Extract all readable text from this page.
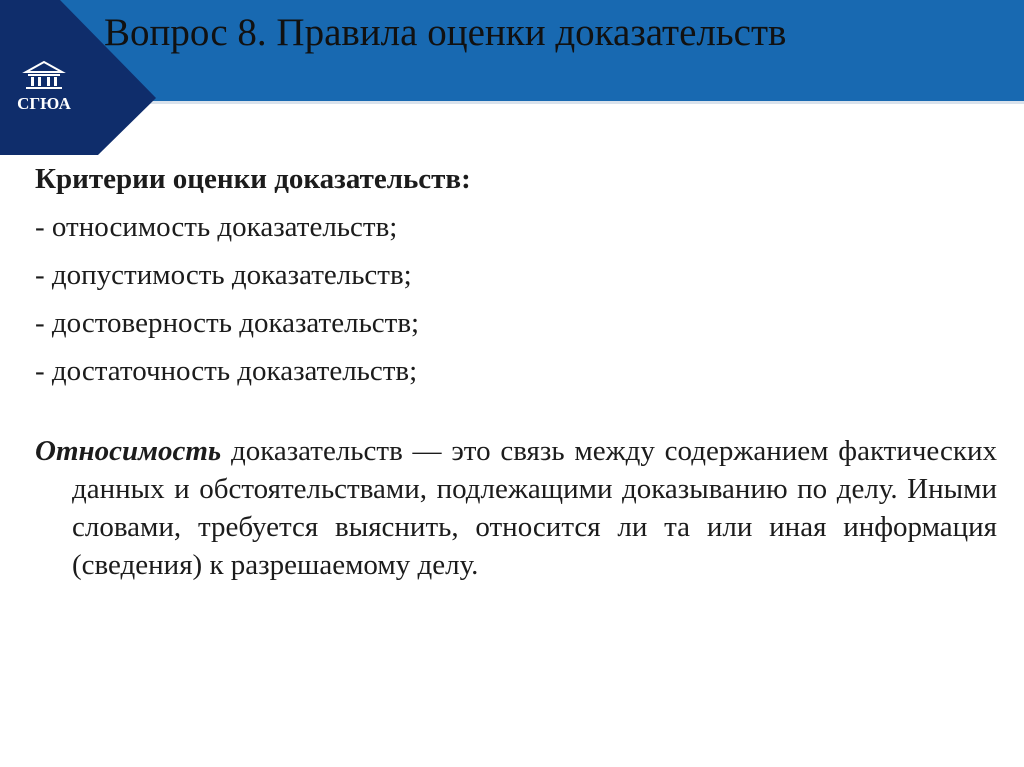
СГЮА
Вопрос 8. Правила оценки доказательств

Критерии оценки доказательств:

- относимость доказательств;

- допустимость доказательств;

- достоверность доказательств;

- достаточность доказательств;

Относимость доказательств — это связь между содержанием фактических данных и обстоятельствами, подлежащими доказыванию по делу. Иными словами, требуется выяснить, относится ли та или иная информация (сведения) к разрешаемому делу.
